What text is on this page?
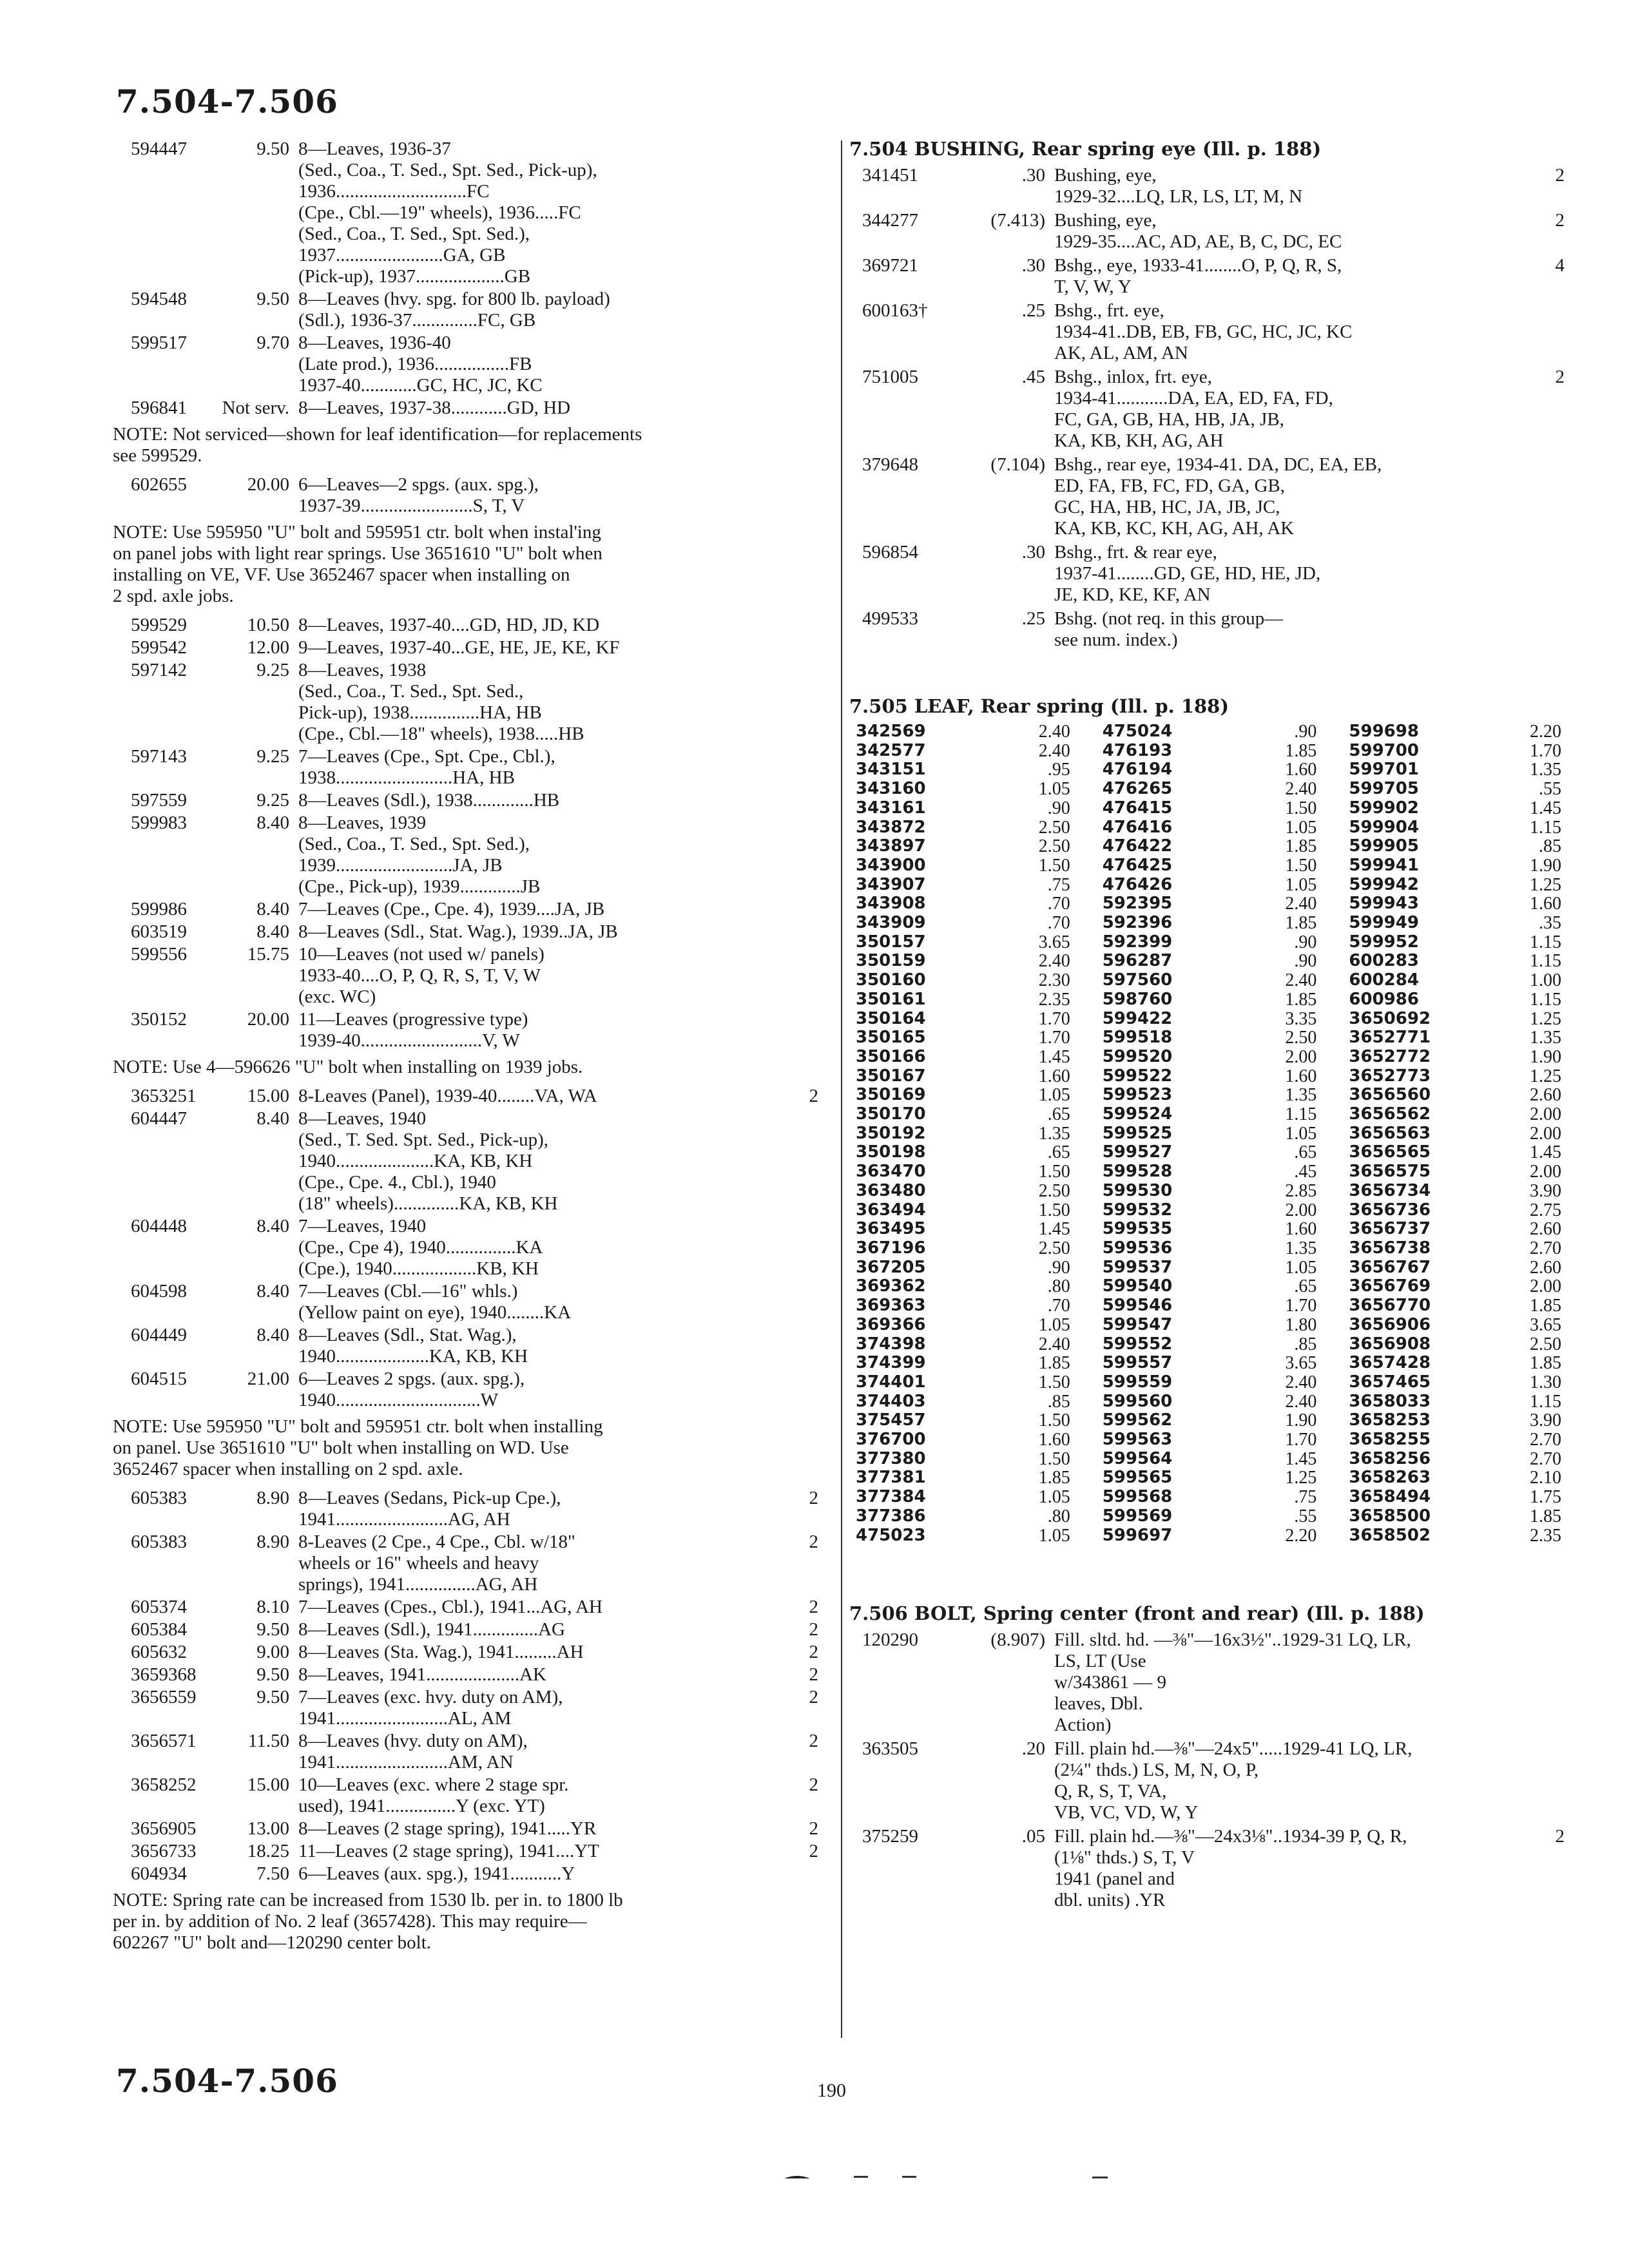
7.504-7.506
594447	9.50 8—Leaves, 1936-37
(Sed., Coa., T. Sed., Spt. Sed., Pick-up),
1936............................FC
(Cpe., Cbl.—19" wheels), 1936.....FC
(Sed., Coa., T. Sed., Spt. Sed.),
1937.......................GA, GB
(Pick-up), 1937...................GB
594548	9.50 8—Leaves (hvy. spg. for 800 lb. payload)
(Sdl.), 1936-37..............FC, GB
599517	9.70 8—Leaves, 1936-40
(Late prod.), 1936................FB
1937-40............GC, HC, JC, KC
596841	Not serv. 8—Leaves, 1937-38............GD, HD
NOTE: Not serviced—shown for leaf identification—for replacements
see 599529.
602655	20.00 6—Leaves—2 spgs. (aux. spg.),
1937-39........................S, T, V
NOTE: Use 595950 "U" bolt and 595951 ctr. bolt when instal'ing
on panel jobs with light rear springs. Use 3651610 "U" bolt when
installing on VE, VF. Use 3652467 spacer when installing on
2 spd. axle jobs.
599529	10.50 8—Leaves, 1937-40....GD, HD, JD, KD
599542	12.00 9—Leaves, 1937-40...GE, HE, JE, KE, KF
597142	9.25 8—Leaves, 1938
(Sed., Coa., T. Sed., Spt. Sed.,
Pick-up), 1938...............HA, HB
(Cpe., Cbl.—18" wheels), 1938.....HB
597143	9.25 7—Leaves (Cpe., Spt. Cpe., Cbl.),
1938.........................HA, HB
597559	9.25 8—Leaves (Sdl.), 1938.............HB
599983	8.40 8—Leaves, 1939
(Sed., Coa., T. Sed., Spt. Sed.),
1939.........................JA, JB
(Cpe., Pick-up), 1939.............JB
599986	8.40 7—Leaves (Cpe., Cpe. 4), 1939....JA, JB
603519	8.40 8—Leaves (Sdl., Stat. Wag.), 1939..JA, JB
599556	15.75 10—Leaves (not used w/ panels)
1933-40....O, P, Q, R, S, T, V, W
(exc. WC)
350152	20.00 11—Leaves (progressive type)
1939-40..........................V, W
NOTE: Use 4—596626 "U" bolt when installing on 1939 jobs.
3653251	15.00 8-Leaves (Panel), 1939-40........VA, WA	2
604447	8.40 8—Leaves, 1940
(Sed., T. Sed. Spt. Sed., Pick-up),
1940.....................KA, KB, KH
(Cpe., Cpe. 4., Cbl.), 1940
(18" wheels)..............KA, KB, KH
604448	8.40 7—Leaves, 1940
(Cpe., Cpe 4), 1940...............KA
(Cpe.), 1940..................KB, KH
604598	8.40 7—Leaves (Cbl.—16" whls.)
(Yellow paint on eye), 1940........KA
604449	8.40 8—Leaves (Sdl., Stat. Wag.),
1940....................KA, KB, KH
604515	21.00 6—Leaves 2 spgs. (aux. spg.),
1940...............................W
NOTE: Use 595950 "U" bolt and 595951 ctr. bolt when installing
on panel. Use 3651610 "U" bolt when installing on WD. Use
3652467 spacer when installing on 2 spd. axle.
605383	8.90 8—Leaves (Sedans, Pick-up Cpe.),
1941........................AG, AH
2
605383	8.90 8-Leaves (2 Cpe., 4 Cpe., Cbl. w/18"
wheels or 16" wheels and heavy
springs), 1941...............AG, AH
2
605374	8.10 7—Leaves (Cpes., Cbl.), 1941...AG, AH	2
605384	9.50 8—Leaves (Sdl.), 1941..............AG	2
605632	9.00 8—Leaves (Sta. Wag.), 1941.........AH	2
3659368	9.50 8—Leaves, 1941....................AK	2
3656559	9.50 7—Leaves (exc. hvy. duty on AM),
1941........................AL, AM
2
3656571	11.50 8—Leaves (hvy. duty on AM),
1941........................AM, AN
2
3658252	15.00 10—Leaves (exc. where 2 stage spr.
used), 1941...............Y (exc. YT)
2
3656905	13.00 8—Leaves (2 stage spring), 1941.....YR	2
3656733	18.25 11—Leaves (2 stage spring), 1941....YT	2
604934	7.50 6—Leaves (aux. spg.), 1941...........Y
NOTE: Spring rate can be increased from 1530 lb. per in. to 1800 lb
per in. by addition of No. 2 leaf (3657428). This may require—
602267 "U" bolt and—120290 center bolt.
7.504 BUSHING, Rear spring eye (Ill. p. 188)
341451	.30 Bushing, eye,
1929-32....LQ, LR, LS, LT, M, N
2
344277	(7.413) Bushing, eye,
1929-35....AC, AD, AE, B, C, DC, EC
2
369721	.30 Bshg., eye, 1933-41........O, P, Q, R, S,
T, V, W, Y
4
600163†	.25 Bshg., frt. eye,
1934-41..DB, EB, FB, GC, HC, JC, KC
AK, AL, AM, AN
751005	.45 Bshg., inlox, frt. eye,
1934-41...........DA, EA, ED, FA, FD,
FC, GA, GB, HA, HB, JA, JB,
KA, KB, KH, AG, AH
2
379648	(7.104) Bshg., rear eye, 1934-41. DA, DC, EA, EB,
ED, FA, FB, FC, FD, GA, GB,
GC, HA, HB, HC, JA, JB, JC,
KA, KB, KC, KH, AG, AH, AK
596854	.30 Bshg., frt. & rear eye,
1937-41........GD, GE, HD, HE, JD,
JE, KD, KE, KF, AN
499533	.25 Bshg. (not req. in this group—
see num. index.)
7.505 LEAF, Rear spring (Ill. p. 188)
342569	2.40	475024	.90	599698	2.20
342577	2.40	476193	1.85	599700	1.70
343151	.95	476194	1.60	599701	1.35
343160	1.05	476265	2.40	599705	.55
343161	.90	476415	1.50	599902	1.45
343872	2.50	476416	1.05	599904	1.15
343897	2.50	476422	1.85	599905	.85
343900	1.50	476425	1.50	599941	1.90
343907	.75	476426	1.05	599942	1.25
343908	.70	592395	2.40	599943	1.60
343909	.70	592396	1.85	599949	.35
350157	3.65	592399	.90	599952	1.15
350159	2.40	596287	.90	600283	1.15
350160	2.30	597560	2.40	600284	1.00
350161	2.35	598760	1.85	600986	1.15
350164	1.70	599422	3.35	3650692	1.25
350165	1.70	599518	2.50	3652771	1.35
350166	1.45	599520	2.00	3652772	1.90
350167	1.60	599522	1.60	3652773	1.25
350169	1.05	599523	1.35	3656560	2.60
350170	.65	599524	1.15	3656562	2.00
350192	1.35	599525	1.05	3656563	2.00
350198	.65	599527	.65	3656565	1.45
363470	1.50	599528	.45	3656575	2.00
363480	2.50	599530	2.85	3656734	3.90
363494	1.50	599532	2.00	3656736	2.75
363495	1.45	599535	1.60	3656737	2.60
367196	2.50	599536	1.35	3656738	2.70
367205	.90	599537	1.05	3656767	2.60
369362	.80	599540	.65	3656769	2.00
369363	.70	599546	1.70	3656770	1.85
369366	1.05	599547	1.80	3656906	3.65
374398	2.40	599552	.85	3656908	2.50
374399	1.85	599557	3.65	3657428	1.85
374401	1.50	599559	2.40	3657465	1.30
374403	.85	599560	2.40	3658033	1.15
375457	1.50	599562	1.90	3658253	3.90
376700	1.60	599563	1.70	3658255	2.70
377380	1.50	599564	1.45	3658256	2.70
377381	1.85	599565	1.25	3658263	2.10
377384	1.05	599568	.75	3658494	1.75
377386	.80	599569	.55	3658500	1.85
475023	1.05	599697	2.20	3658502	2.35
7.506 BOLT, Spring center (front and rear) (Ill. p. 188)
120290	(8.907) Fill. sltd. hd. —⅜"—16x3½"..1929-31 LQ, LR,
LS, LT (Use
w/343861 — 9
leaves, Dbl.
Action)
363505	.20 Fill. plain hd.—⅜"—24x5".....1929-41 LQ, LR,
(2¼" thds.) LS, M, N, O, P,
Q, R, S, T, VA,
VB, VC, VD, W, Y
375259	.05 Fill. plain hd.—⅜"—24x3⅛"..1934-39 P, Q, R,
(1⅛" thds.) S, T, V
1941 (panel and
dbl. units) .YR
2
190
7.504-7.506
